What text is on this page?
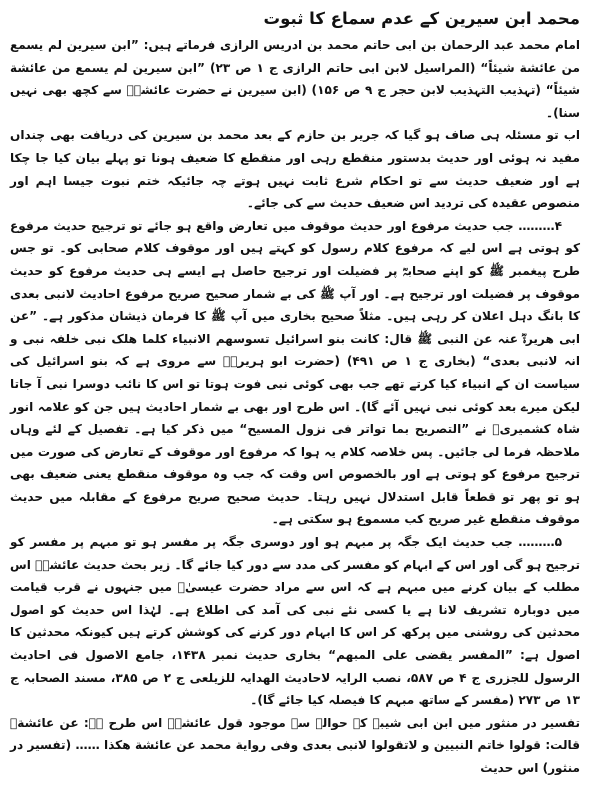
محمد ابن سیرین کے عدم سماع کا ثبوت

امام محمد عبد الرحمان بن ابی حاتم محمد بن ادریس الرازی فرماتے ہیں: ”ابن سیرین لم یسمع من عائشة شیئاً“ (المراسیل لابن ابی حاتم الرازی ج ۱ ص ۲۳) ”ابن سیرین لم یسمع من عائشة شیئاً“ (تہذیب التہذیب لابن حجر ج ۹ ص ۱۵۶) (ابن سیرین نے حضرت عائشہؓ سے کچھ بھی نہیں سنا)۔

اب تو مسئلہ ہی صاف ہو گیا کہ جریر بن حازم کے بعد محمد بن سیرین کی دریافت بھی چنداں مفید نہ ہوئی اور حدیث بدستور منقطع رہی اور منقطع کا ضعیف ہونا تو پہلے بیان کیا جا چکا ہے اور ضعیف حدیث سے تو احکام شرع ثابت نہیں ہوتے چہ جائیکہ ختم نبوت جیسا اہم اور منصوص عقیدہ کی تردید اس ضعیف حدیث سے کی جائے۔

۴……… جب حدیث مرفوع اور حدیث موقوف میں تعارض واقع ہو جائے تو ترجیح حدیث مرفوع کو ہوتی ہے اس لیے کہ مرفوع کلام رسول کو کہتے ہیں اور موقوف کلام صحابی کو۔ تو جس طرح پیغمبر ﷺ کو اپنے صحابہؓ پر فضیلت اور ترجیح حاصل ہے ایسے ہی حدیث مرفوع کو حدیث موقوف پر فضیلت اور ترجیح ہے۔ اور آپ ﷺ کی بے شمار صحیح صریح مرفوع احادیث لانبی بعدی کا بانگ دہل اعلان کر رہی ہیں۔ مثلاً صحیح بخاری میں آپ ﷺ کا فرمان ذیشان مذکور ہے۔ ”عن ابی ھریرۃؓ عنہ عن النبی ﷺ قال: کانت بنو اسرائیل تسوسھم الانبیاء کلما ھلک نبی خلفہ نبی و انہ لانبی بعدی“ (بخاری ج ۱ ص ۴۹۱) (حضرت ابو ہریرہؓ سے مروی ہے کہ بنو اسرائیل کی سیاست ان کے انبیاء کیا کرتے تھے جب بھی کوئی نبی فوت ہوتا تو اس کا نائب دوسرا نبی آ جاتا لیکن میرے بعد کوئی نبی نہیں آئے گا)۔ اس طرح اور بھی بے شمار احادیث ہیں جن کو علامہ انور شاہ کشمیریؒ نے ”التصریح بما تواتر فی نزول المسیح“ میں ذکر کیا ہے۔ تفصیل کے لئے وہاں ملاحظہ فرما لی جائیں۔ پس خلاصہ کلام یہ ہوا کہ مرفوع اور موقوف کے تعارض کی صورت میں ترجیح مرفوع کو ہوتی ہے اور بالخصوص اس وقت کہ جب وہ موقوف منقطع یعنی ضعیف بھی ہو تو پھر تو قطعاً قابل استدلال نہیں رہتا۔ حدیث صحیح صریح مرفوع کے مقابلہ میں حدیث موقوف منقطع غیر صریح کب مسموع ہو سکتی ہے۔

۵……… جب حدیث ایک جگہ پر مبہم ہو اور دوسری جگہ پر مفسر ہو تو مبہم پر مفسر کو ترجیح ہو گی اور اس کے ابہام کو مفسر کی مدد سے دور کیا جائے گا۔ زیر بحث حدیث عائشہؓ اس مطلب کے بیان کرنے میں مبہم ہے کہ اس سے مراد حضرت عیسیٰؑ میں جنہوں نے قرب قیامت میں دوبارہ تشریف لانا ہے یا کسی نئے نبی کی آمد کی اطلاع ہے۔ لہٰذا اس حدیث کو اصول محدثین کی روشنی میں پرکھ کر اس کا ابہام دور کرنے کی کوشش کرتے ہیں کیونکہ محدثین کا اصول ہے: ”المفسر یقضی علی المبھم“ بخاری حدیث نمبر ۱۴۳۸، جامع الاصول فی احادیث الرسول للجزری ج ۴ ص ۵۸۷، نصب الرایہ لاحادیث الھدایہ للزیلعی ج ۲ ص ۳۸۵، مسند الصحابہ ج ۱۳ ص ۲۷۳ (مفسر کے ساتھ مبہم کا فیصلہ کیا جائے گا)۔

تفسیر در منثور میں ابن ابی شیبہ کے حوالے سے موجود قول عائشہؓ اس طرح ہے: عن عائشةؓ قالت: قولوا خاتم النبیین و لاتقولوا لانبی بعدی وفی روایة محمد عن عائشة ھکذا …… (تفسیر در منثور) اس حدیث
